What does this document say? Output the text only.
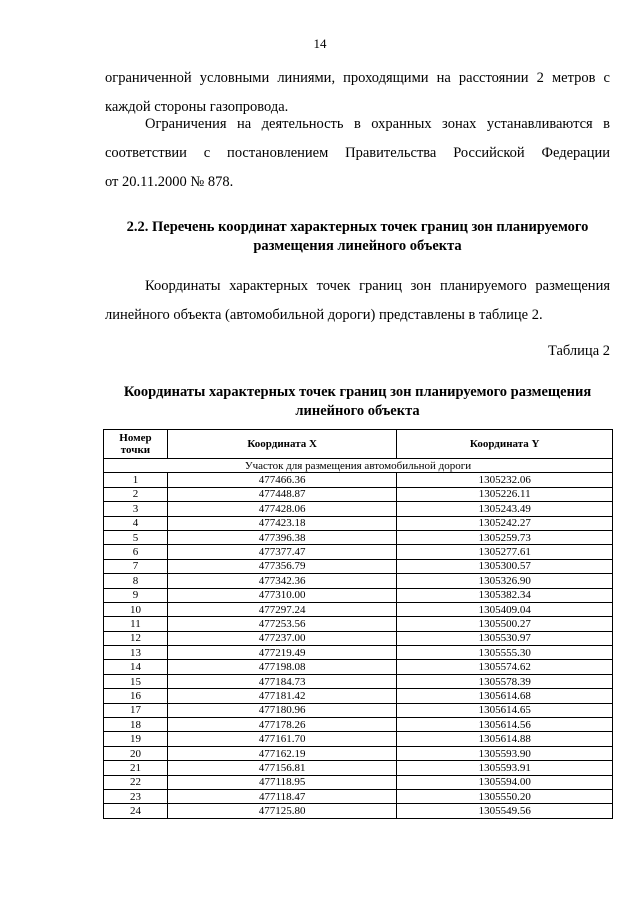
14
ограниченной условными линиями, проходящими на расстоянии 2 метров с
каждой стороны газопровода.
Ограничения на деятельность в охранных зонах устанавливаются в
соответствии с постановлением Правительства Российской Федерации
от 20.11.2000 № 878.
2.2. Перечень координат характерных точек границ зон планируемого
размещения линейного объекта
Координаты характерных точек границ зон планируемого размещения
линейного объекта (автомобильной дороги) представлены в таблице 2.
Таблица 2
Координаты характерных точек границ зон планируемого размещения
линейного объекта
Номер
точки	Координата X	Координата Y
Участок для размещения автомобильной дороги		
1	477466.36	1305232.06
2	477448.87	1305226.11
3	477428.06	1305243.49
4	477423.18	1305242.27
5	477396.38	1305259.73
6	477377.47	1305277.61
7	477356.79	1305300.57
8	477342.36	1305326.90
9	477310.00	1305382.34
10	477297.24	1305409.04
11	477253.56	1305500.27
12	477237.00	1305530.97
13	477219.49	1305555.30
14	477198.08	1305574.62
15	477184.73	1305578.39
16	477181.42	1305614.68
17	477180.96	1305614.65
18	477178.26	1305614.56
19	477161.70	1305614.88
20	477162.19	1305593.90
21	477156.81	1305593.91
22	477118.95	1305594.00
23	477118.47	1305550.20
24	477125.80	1305549.56
